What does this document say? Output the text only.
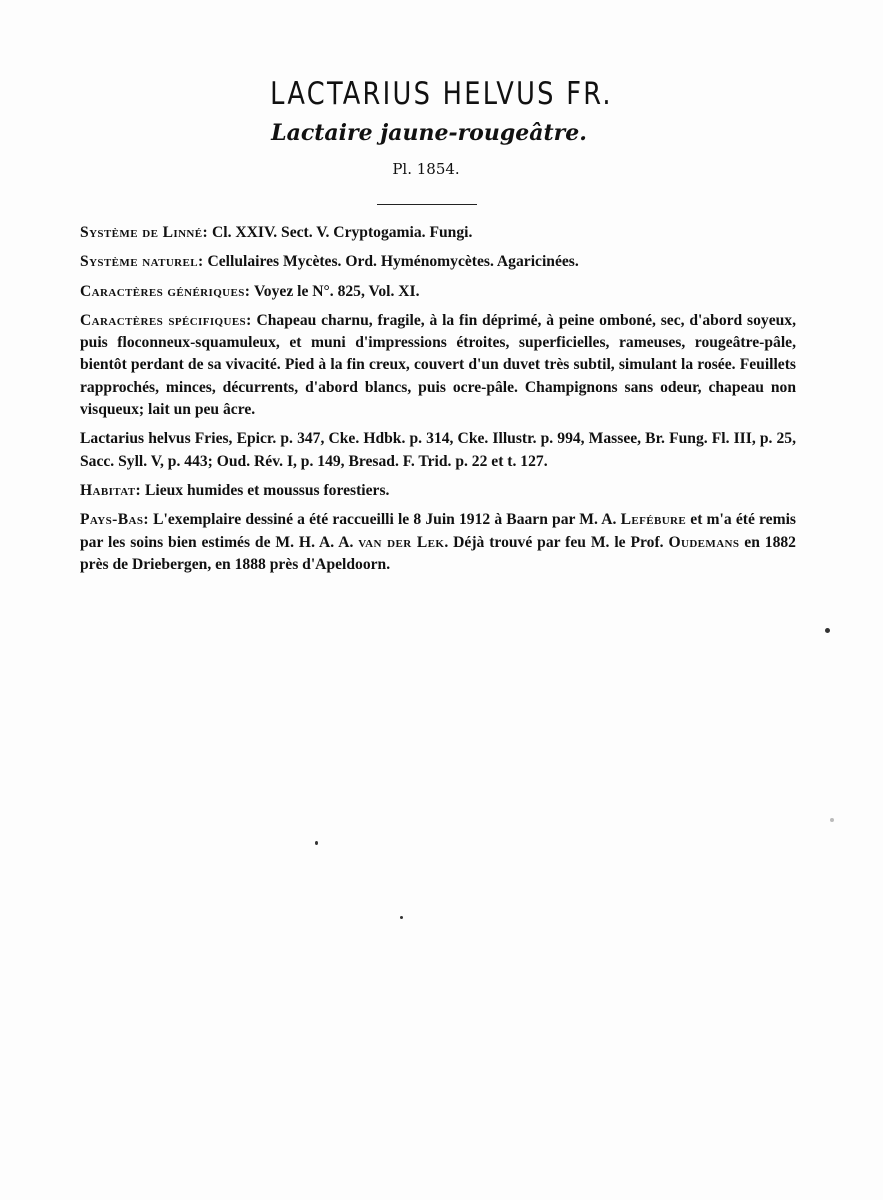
LACTARIUS HELVUS FR.
Lactaire jaune-rougeâtre.
Pl. 1854.

Système de Linné: Cl. XXIV. Sect. V. Cryptogamia. Fungi.

Système naturel: Cellulaires Mycètes. Ord. Hyménomycètes. Agaricinées.

Caractères génériques: Voyez le N°. 825, Vol. XI.

Caractères spécifiques: Chapeau charnu, fragile, à la fin déprimé, à peine omboné, sec, d'abord soyeux, puis floconneux-squamuleux, et muni d'impressions étroites, superficielles, rameuses, rougeâtre-pâle, bientôt perdant de sa vivacité. Pied à la fin creux, couvert d'un duvet très subtil, simulant la rosée. Feuillets rapprochés, minces, décurrents, d'abord blancs, puis ocre-pâle. Champignons sans odeur, chapeau non visqueux; lait un peu âcre.

Lactarius helvus Fries, Epicr. p. 347, Cke. Hdbk. p. 314, Cke. Illustr. p. 994, Massee, Br. Fung. Fl. III, p. 25, Sacc. Syll. V, p. 443; Oud. Rév. I, p. 149, Bresad. F. Trid. p. 22 et t. 127.

Habitat: Lieux humides et moussus forestiers.

Pays-Bas: L'exemplaire dessiné a été raccueilli le 8 Juin 1912 à Baarn par M. A. Lefébure et m'a été remis par les soins bien estimés de M. H. A. A. van der Lek. Déjà trouvé par feu M. le Prof. Oudemans en 1882 près de Driebergen, en 1888 près d'Apeldoorn.
